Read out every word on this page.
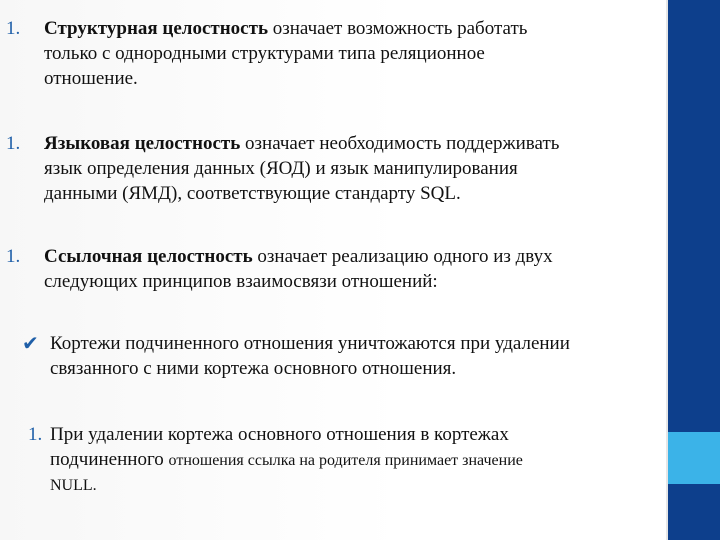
1. Структурная целостность означает возможность работать
только с однородными структурами типа реляционное
отношение.
1. Языковая целостность означает необходимость поддерживать
язык определения данных (ЯОД) и язык манипулирования
данными (ЯМД), соответствующие стандарту SQL.
1. Ссылочная целостность означает реализацию одного из двух
следующих принципов взаимосвязи отношений:
✔ Кортежи подчиненного отношения уничтожаются при удалении
связанного с ними кортежа основного отношения.
1. При удалении кортежа основного отношения в кортежах
подчиненного отношения ссылка на родителя принимает значение
NULL.
